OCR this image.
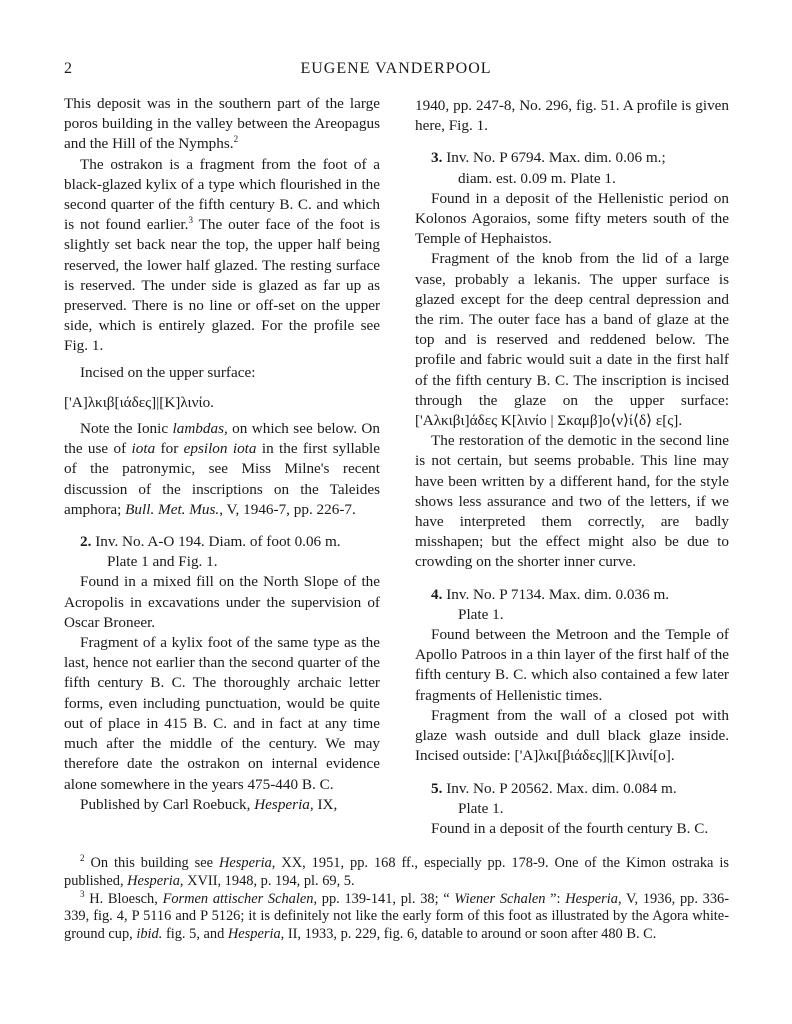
2	EUGENE VANDERPOOL

This deposit was in the southern part of the large poros building in the valley between the Areopagus and the Hill of the Nymphs.$^2$

The ostrakon is a fragment from the foot of a black-glazed kylix of a type which flourished in the second quarter of the fifth century B. C. and which is not found earlier.$^3$ The outer face of the foot is slightly set back near the top, the upper half being reserved, the lower half glazed. The resting surface is reserved. The under side is glazed as far up as preserved. There is no line or off-set on the upper side, which is entirely glazed. For the profile see Fig. 1.

Incised on the upper surface:

['Α]λκιβ[ιάδες]|[Κ]λινίο.

Note the Ionic lambdas, on which see below. On the use of iota for epsilon iota in the first syllable of the patronymic, see Miss Milne's recent discussion of the inscriptions on the Taleides amphora; Bull. Met. Mus., V, 1946-7, pp. 226-7.

2. Inv. No. A-O 194. Diam. of foot 0.06 m.
Plate 1 and Fig. 1.

Found in a mixed fill on the North Slope of the Acropolis in excavations under the supervision of Oscar Broneer.

Fragment of a kylix foot of the same type as the last, hence not earlier than the second quarter of the fifth century B. C. The thoroughly archaic letter forms, even including punctuation, would be quite out of place in 415 B. C. and in fact at any time much after the middle of the century. We may therefore date the ostrakon on internal evidence alone somewhere in the years 475-440 B. C.

Published by Carl Roebuck, Hesperia, IX,

1940, pp. 247-8, No. 296, fig. 51. A profile is given here, Fig. 1.

3. Inv. No. P 6794. Max. dim. 0.06 m.;
diam. est. 0.09 m. Plate 1.

Found in a deposit of the Hellenistic period on Kolonos Agoraios, some fifty meters south of the Temple of Hephaistos.

Fragment of the knob from the lid of a large vase, probably a lekanis. The upper surface is glazed except for the deep central depression and the rim. The outer face has a band of glaze at the top and is reserved and reddened below. The profile and fabric would suit a date in the first half of the fifth century B. C. The inscription is incised through the glaze on the upper surface: ['Αλκιβι]άδες Κ[λινίο | Σκαμβ]ο⟨ν⟩ί⟨δ⟩ ε[ς].

The restoration of the demotic in the second line is not certain, but seems probable. This line may have been written by a different hand, for the style shows less assurance and two of the letters, if we have interpreted them correctly, are badly misshapen; but the effect might also be due to crowding on the shorter inner curve.

4. Inv. No. P 7134. Max. dim. 0.036 m.
Plate 1.

Found between the Metroon and the Temple of Apollo Patroos in a thin layer of the first half of the fifth century B. C. which also contained a few later fragments of Hellenistic times.

Fragment from the wall of a closed pot with glaze wash outside and dull black glaze inside. Incised outside: ['Α]λκι[βιάδες]|[Κ]λινί[ο].

5. Inv. No. P 20562. Max. dim. 0.084 m.
Plate 1.

Found in a deposit of the fourth century B. C.

$^2$ On this building see Hesperia, XX, 1951, pp. 168 ff., especially pp. 178-9. One of the Kimon ostraka is published, Hesperia, XVII, 1948, p. 194, pl. 69, 5.

$^3$ H. Bloesch, Formen attischer Schalen, pp. 139-141, pl. 38; “ Wiener Schalen ”: Hesperia, V, 1936, pp. 336-339, fig. 4, P 5116 and P 5126; it is definitely not like the early form of this foot as illustrated by the Agora white-ground cup, ibid. fig. 5, and Hesperia, II, 1933, p. 229, fig. 6, datable to around or soon after 480 B. C.
